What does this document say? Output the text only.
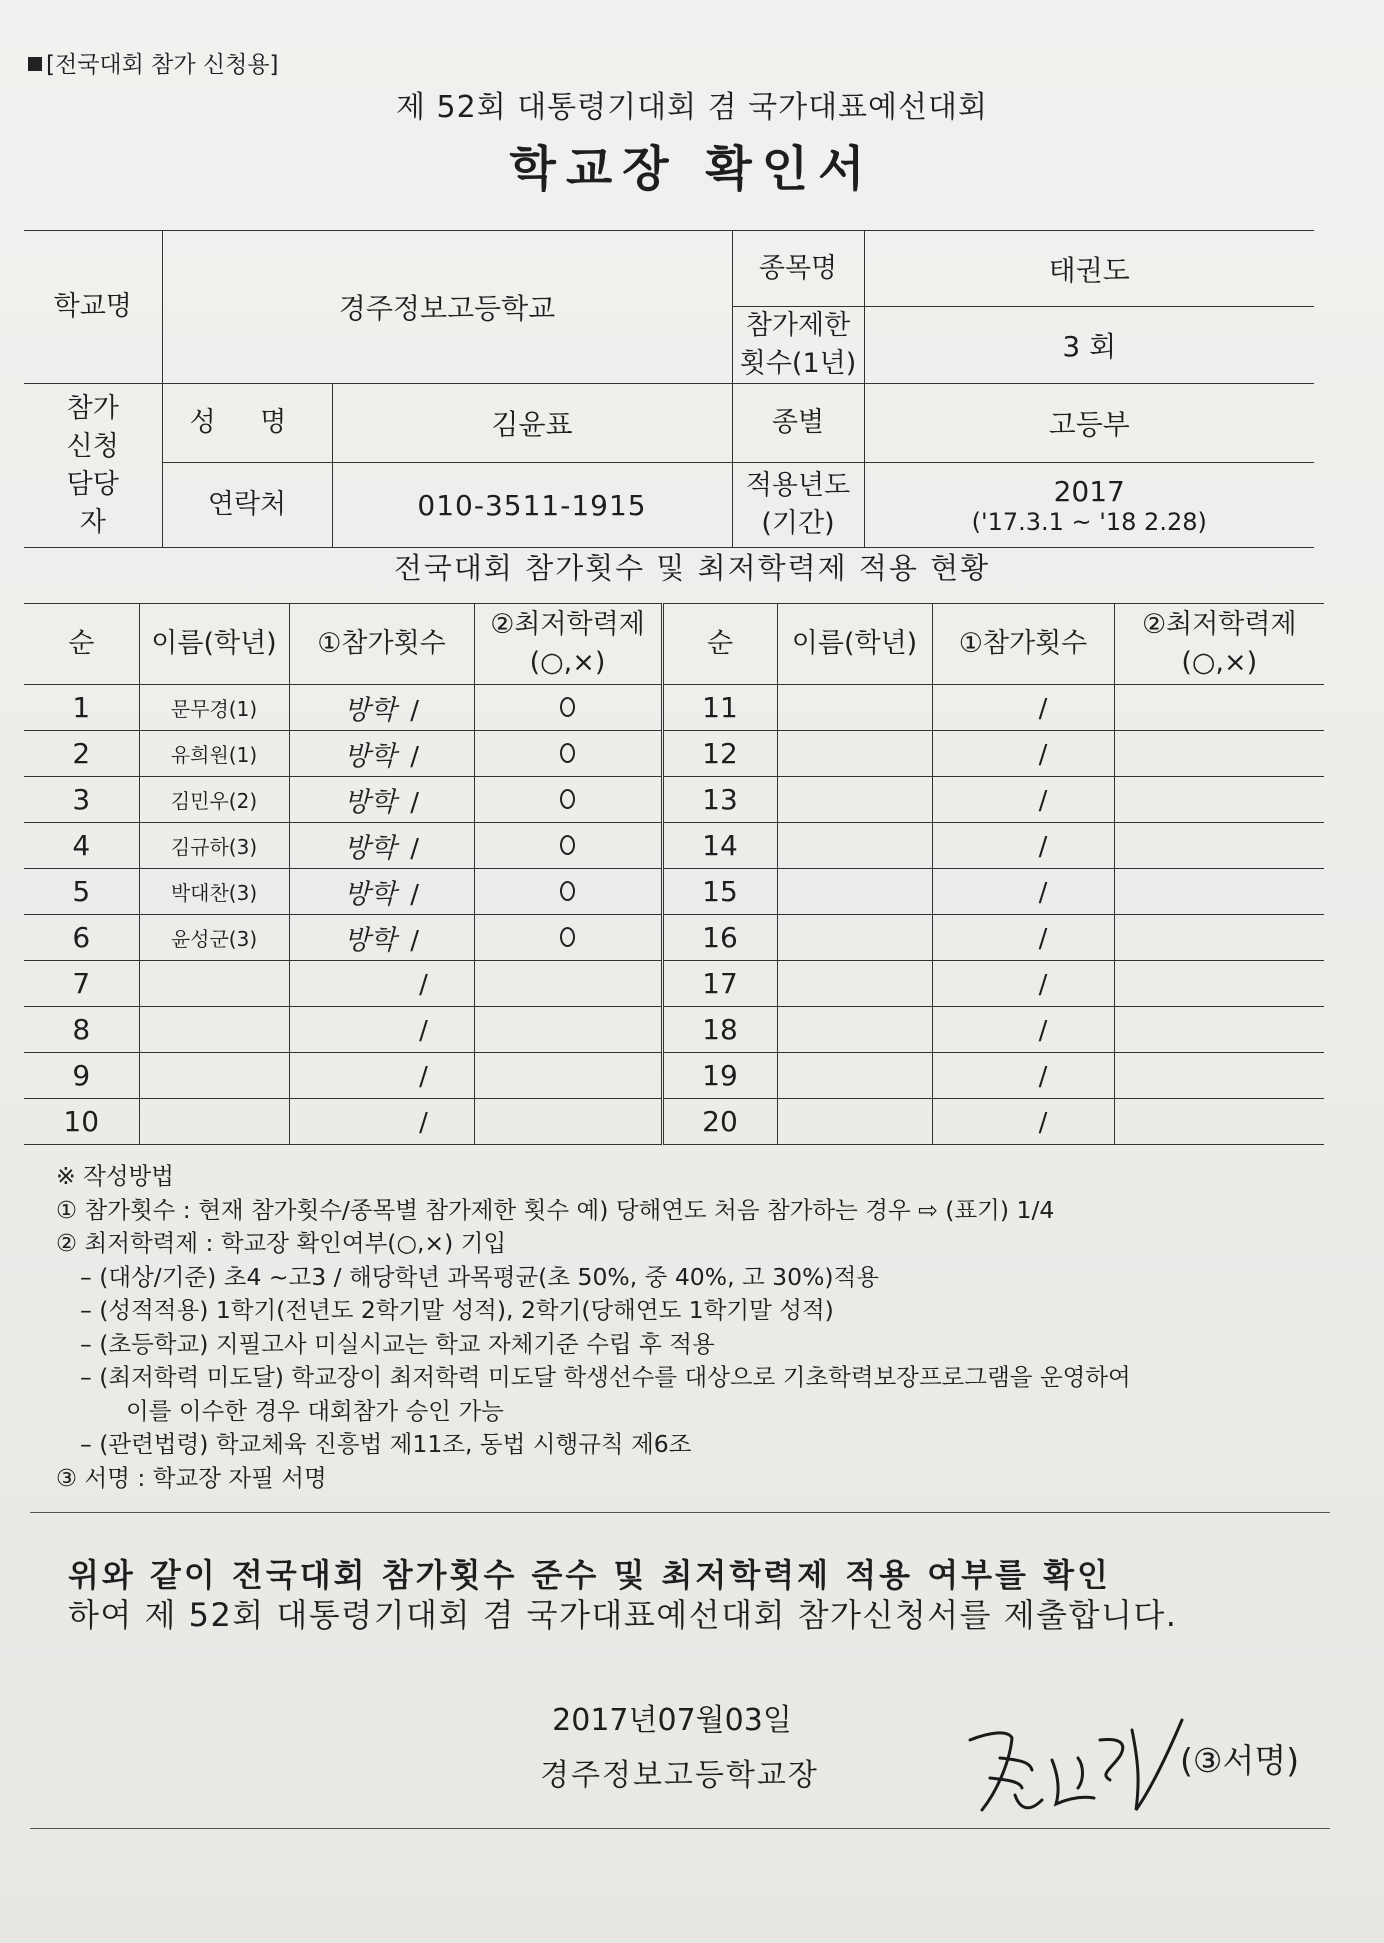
[전국대회 참가 신청용]
제 52회 대통령기대회 겸 국가대표예선대회
학교장 확인서
학교명	경주정보고등학교		종목명	태권도
			참가제한 횟수(1년)	3 회
참가 신청 담당자	성 명	김윤표	종별	고등부
	연락처	010-3511-1915	적용년도 (기간)	2017
('17.3.1 ~ '18 2.28)
전국대회 참가횟수 및 최저학력제 적용 현황
순	이름(학년)	①참가횟수	②최저학력제 (○,×)	순	이름(학년)	①참가횟수	②최저학력제 (○,×)
1	문무경(1)	방학 /		11		/	
2	유희원(1)	방학 /		12		/	
3	김민우(2)	방학 /		13		/	
4	김규하(3)	방학 /		14		/	
5	박대찬(3)	방학 /		15		/	
6	윤성군(3)	방학 /		16		/	
7		/		17		/	
8		/		18		/	
9		/		19		/	
10		/		20		/	
※ 작성방법
① 참가횟수 : 현재 참가횟수/종목별 참가제한 횟수 예) 당해연도 처음 참가하는 경우 ⇨ (표기) 1/4
② 최저학력제 : 학교장 확인여부(○,×) 기입
– (대상/기준) 초4 ~고3 / 해당학년 과목평균(초 50%, 중 40%, 고 30%)적용
– (성적적용) 1학기(전년도 2학기말 성적), 2학기(당해연도 1학기말 성적)
– (초등학교) 지필고사 미실시교는 학교 자체기준 수립 후 적용
– (최저학력 미도달) 학교장이 최저학력 미도달 학생선수를 대상으로 기초학력보장프로그램을 운영하여
이를 이수한 경우 대회참가 승인 가능
– (관련법령) 학교체육 진흥법 제11조, 동법 시행규칙 제6조
③ 서명 : 학교장 자필 서명
위와 같이 전국대회 참가횟수 준수 및 최저학력제 적용 여부를 확인
하여 제 52회 대통령기대회 겸 국가대표예선대회 참가신청서를 제출합니다.
2017년07월03일
경주정보고등학교장	(③서명)
